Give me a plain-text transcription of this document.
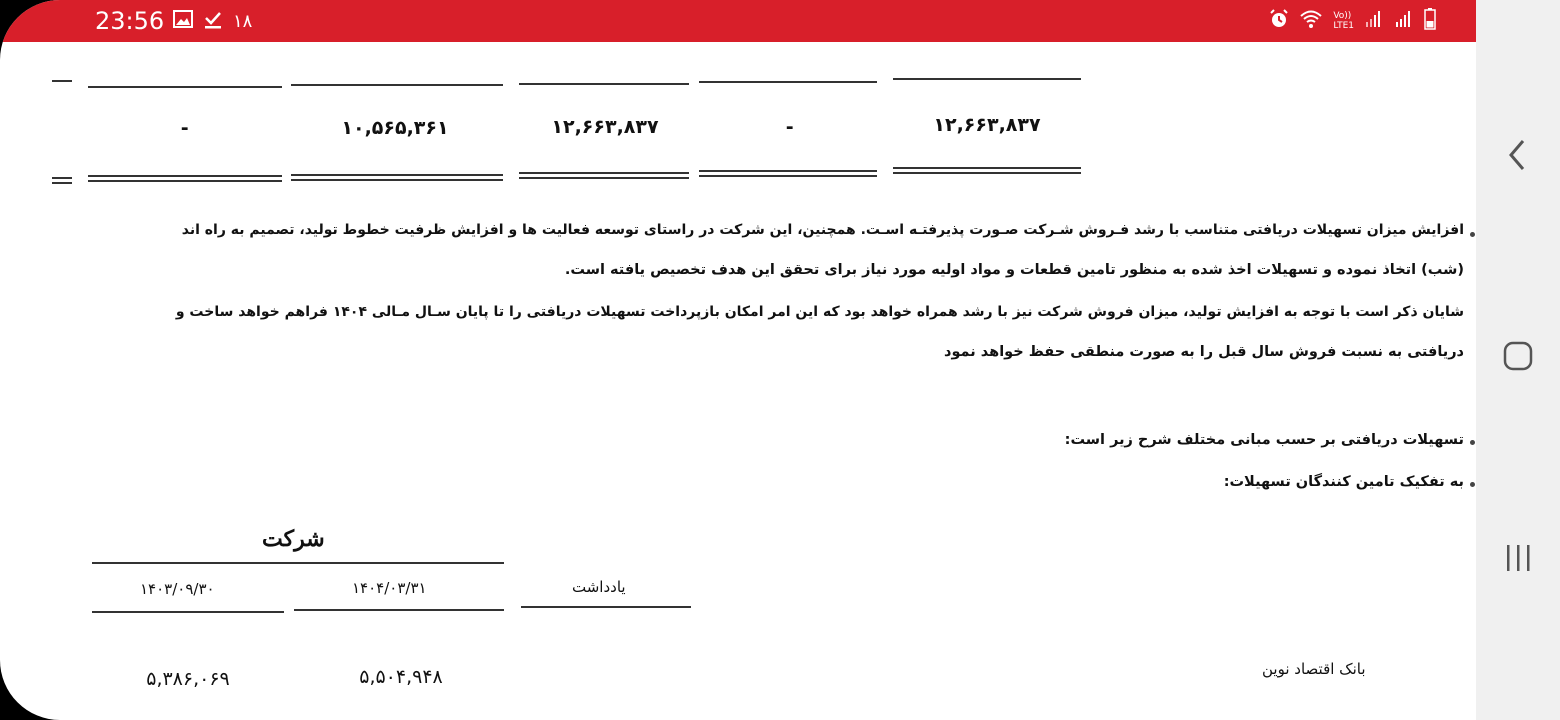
-	۱۰,۵۶۵,۳۶۱	۱۲,۶۶۳,۸۳۷	-	۱۲,۶۶۳,۸۳۷
افزایش میزان تسهیلات دریافتی متناسب با رشد فـروش شـرکت صـورت پذیرفتـه اسـت. همچنین، این شرکت در راستای توسعه فعالیت ها و افزایش ظرفیت خطوط تولید، تصمیم به راه اند
(شب) اتخاذ نموده و تسهیلات اخذ شده به منظور تامین قطعات و مواد اولیه مورد نیاز برای تحقق این هدف تخصیص یافته است.
شایان ذکر است با توجه به افزایش تولید، میزان فروش شرکت نیز با رشد همراه خواهد بود که این امر امکان بازپرداخت تسهیلات دریافتی را تا پایان سـال مـالی ۱۴۰۴ فراهم خواهد ساخت و
دریافتی به نسبت فروش سال قبل را به صورت منطقی حفظ خواهد نمود
تسهیلات دریافتی بر حسب مبانی مختلف شرح زیر است:
به تفکیک تامین کنندگان تسهیلات:
شرکت
۱۴۰۳/۰۹/۳۰	۱۴۰۴/۰۳/۳۱	یادداشت
۵,۳۸۶,۰۶۹	۵,۵۰۴,۹۴۸	بانک اقتصاد نوین
23:56	۱۸	Vo))
LTE1
